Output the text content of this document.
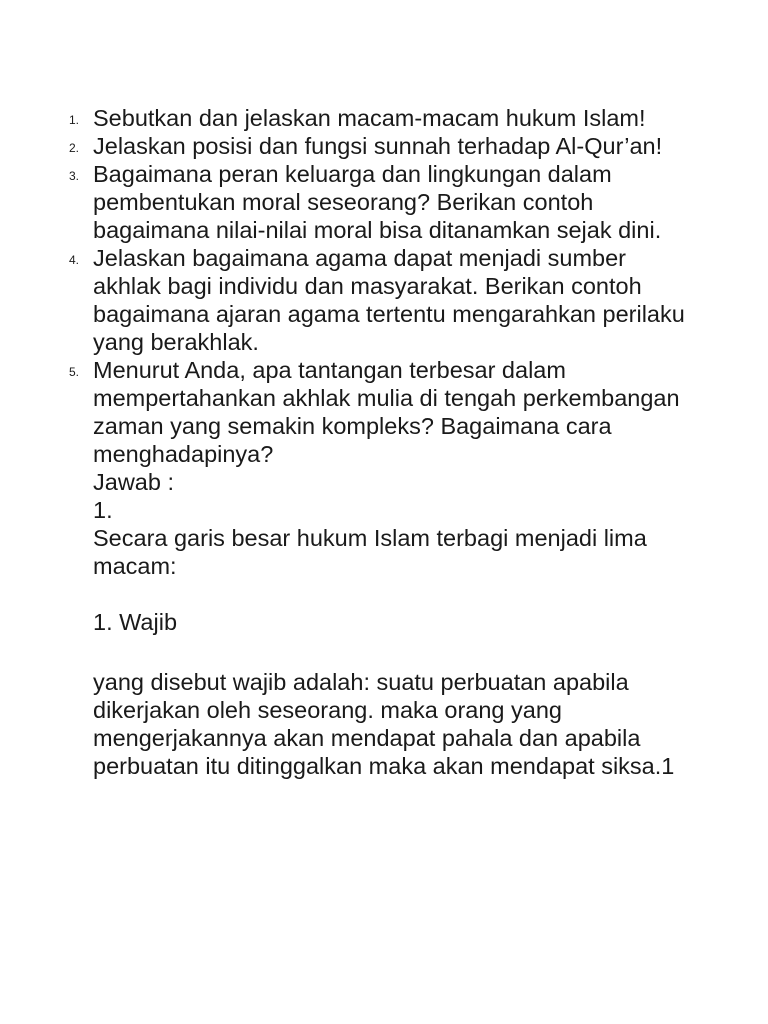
1. Sebutkan dan jelaskan macam-macam hukum Islam!
2. Jelaskan posisi dan fungsi sunnah terhadap Al-Qur’an!
3. Bagaimana peran keluarga dan lingkungan dalam pembentukan moral seseorang? Berikan contoh bagaimana nilai-nilai moral bisa ditanamkan sejak dini.
4. Jelaskan bagaimana agama dapat menjadi sumber akhlak bagi individu dan masyarakat. Berikan contoh bagaimana ajaran agama tertentu mengarahkan perilaku yang berakhlak.
5. Menurut Anda, apa tantangan terbesar dalam mempertahankan akhlak mulia di tengah perkembangan zaman yang semakin kompleks? Bagaimana cara menghadapinya?

Jawab :

1.

Secara garis besar hukum Islam terbagi menjadi lima macam:

1. Wajib

yang disebut wajib adalah: suatu perbuatan apabila dikerjakan oleh seseorang. maka orang yang mengerjakannya akan mendapat pahala dan apabila perbuatan itu ditinggalkan maka akan mendapat siksa.1
